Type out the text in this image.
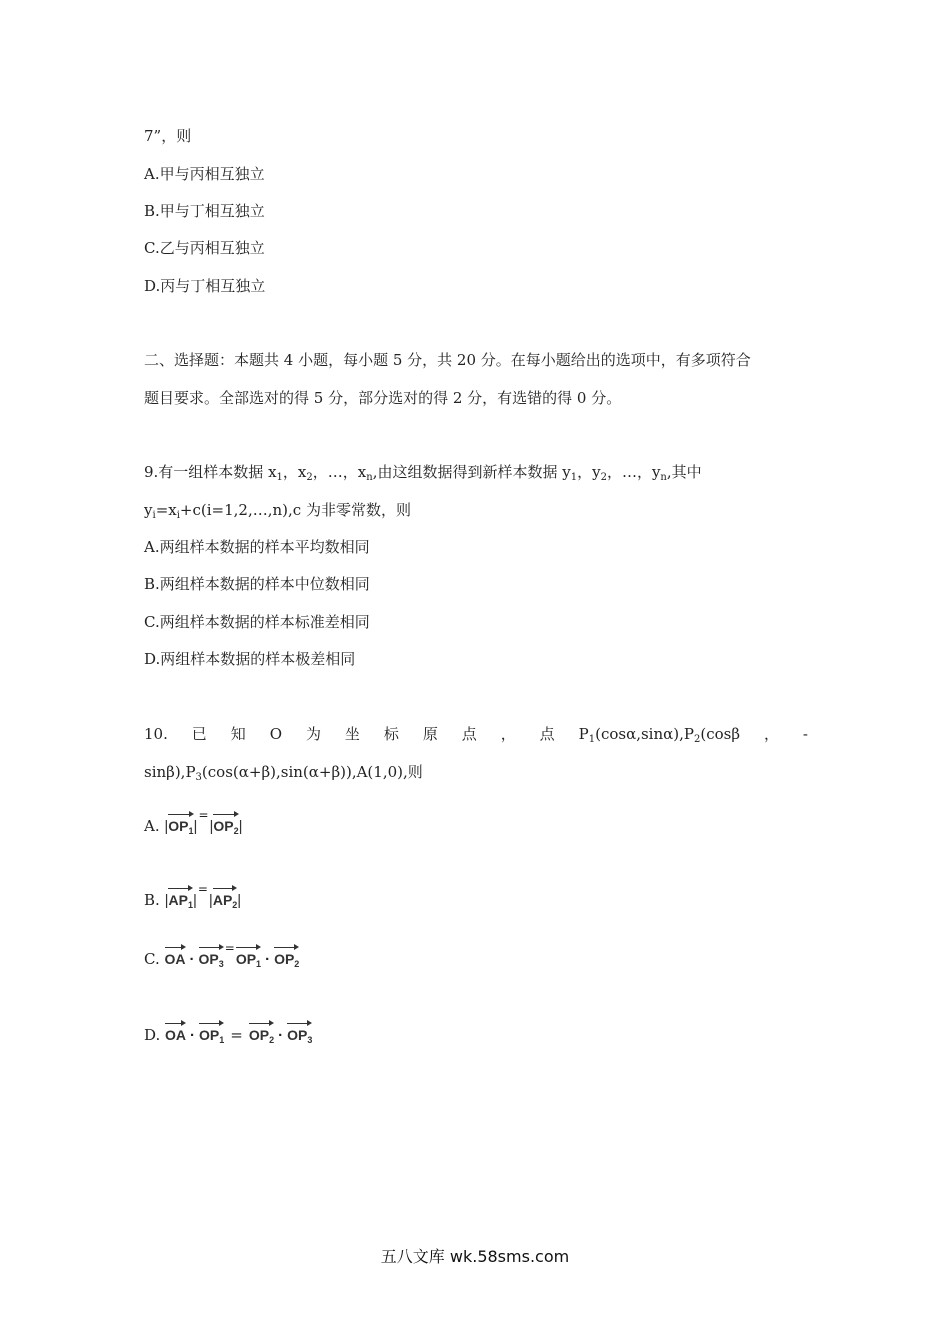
7”，则
A.甲与丙相互独立
B.甲与丁相互独立
C.乙与丙相互独立
D.丙与丁相互独立
二、选择题：本题共 4 小题，每小题 5 分，共 20 分。在每小题给出的选项中，有多项符合
题目要求。全部选对的得 5 分，部分选对的得 2 分，有选错的得 0 分。
9.有一组样本数据 $x_1$，$x_2$，…，$x_n$,由这组数据得到新样本数据 $y_1$，$y_2$，…，$y_n$,其中
$y_i=x_i+c(i=1,2,\dots,n),c$ 为非零常数，则
A.两组样本数据的样本平均数相同
B.两组样本数据的样本中位数相同
C.两组样本数据的样本标准差相同
D.两组样本数据的样本极差相同
10. 已 知 O 为 坐 标 原 点 ， 点 $P_1(\cos\alpha,\sin\alpha),P_2(\cos\beta$ ， -
$\sin\beta),P_3(\cos(\alpha+\beta),\sin(\alpha+\beta)),A(1,0)$,则
A. $|OP_1|^=|OP_2|$
B. $|AP_1|^=|AP_2|$
C. OA · $OP_3^=OP_1 \cdot OP_2$
D. OA · $OP_1 = OP_2 \cdot OP_3$
五八文库 wk.58sms.com
